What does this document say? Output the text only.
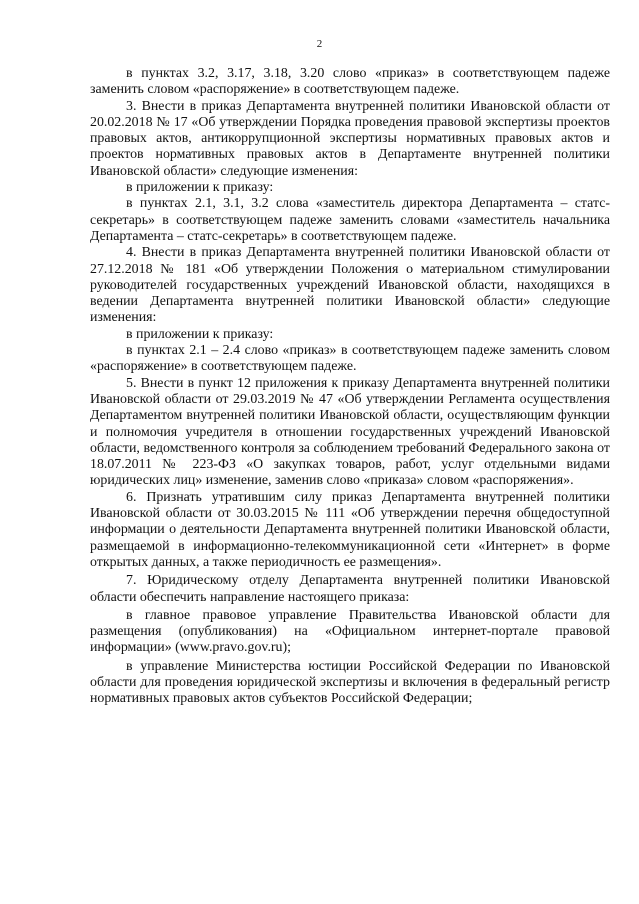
2

в пунктах 3.2, 3.17, 3.18, 3.20 слово «приказ» в соответствующем падеже заменить словом «распоряжение» в соответствующем падеже.

3. Внести в приказ Департамента внутренней политики Ивановской области от 20.02.2018 № 17 «Об утверждении Порядка проведения правовой экспертизы проектов правовых актов, антикоррупционной экспертизы нормативных правовых актов и проектов нормативных правовых актов в Департаменте внутренней политики Ивановской области» следующие изменения:

в приложении к приказу:

в пунктах 2.1, 3.1, 3.2 слова «заместитель директора Департамента – статс-секретарь» в соответствующем падеже заменить словами «заместитель начальника Департамента – статс-секретарь» в соответствующем падеже.

4. Внести в приказ Департамента внутренней политики Ивановской области от 27.12.2018 № 181 «Об утверждении Положения о материальном стимулировании руководителей государственных учреждений Ивановской области, находящихся в ведении Департамента внутренней политики Ивановской области» следующие изменения:

в приложении к приказу:

в пунктах 2.1 – 2.4 слово «приказ» в соответствующем падеже заменить словом «распоряжение» в соответствующем падеже.

5. Внести в пункт 12 приложения к приказу Департамента внутренней политики Ивановской области от 29.03.2019 № 47 «Об утверждении Регламента осуществления Департаментом внутренней политики Ивановской области, осуществляющим функции и полномочия учредителя в отношении государственных учреждений Ивановской области, ведомственного контроля за соблюдением требований Федерального закона от 18.07.2011 № 223-ФЗ «О закупках товаров, работ, услуг отдельными видами юридических лиц» изменение, заменив слово «приказа» словом «распоряжения».

6. Признать утратившим силу приказ Департамента внутренней политики Ивановской области от 30.03.2015 № 111 «Об утверждении перечня общедоступной информации о деятельности Департамента внутренней политики Ивановской области, размещаемой в информационно-телекоммуникационной сети «Интернет» в форме открытых данных, а также периодичность ее размещения».

7. Юридическому отделу Департамента внутренней политики Ивановской области обеспечить направление настоящего приказа:

в главное правовое управление Правительства Ивановской области для размещения (опубликования) на «Официальном интернет-портале правовой информации» (www.pravo.gov.ru);

в управление Министерства юстиции Российской Федерации по Ивановской области для проведения юридической экспертизы и включения в федеральный регистр нормативных правовых актов субъектов Российской Федерации;
